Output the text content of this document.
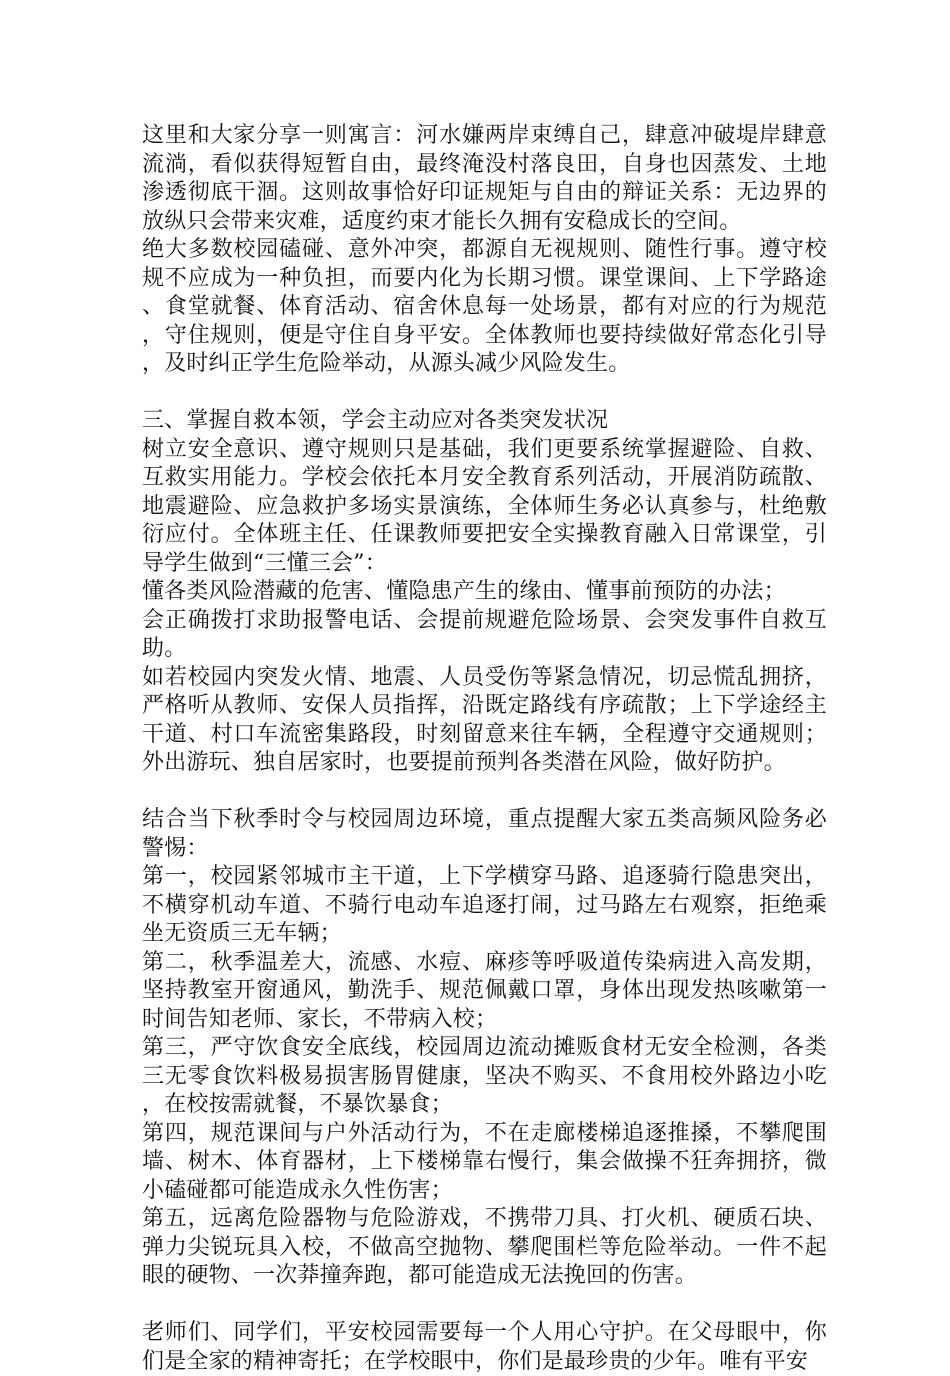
这里和大家分享一则寓言：河水嫌两岸束缚自己，肆意冲破堤岸肆意流淌，看似获得短暂自由，最终淹没村落良田，自身也因蒸发、土地渗透彻底干涸。这则故事恰好印证规矩与自由的辩证关系：无边界的放纵只会带来灾难，适度约束才能长久拥有安稳成长的空间。

绝大多数校园磕碰、意外冲突，都源自无视规则、随性行事。遵守校规不应成为一种负担，而要内化为长期习惯。课堂课间、上下学路途、食堂就餐、体育活动、宿舍休息每一处场景，都有对应的行为规范，守住规则，便是守住自身平安。全体教师也要持续做好常态化引导，及时纠正学生危险举动，从源头减少风险发生。

三、掌握自救本领，学会主动应对各类突发状况

树立安全意识、遵守规则只是基础，我们更要系统掌握避险、自救、互救实用能力。学校会依托本月安全教育系列活动，开展消防疏散、地震避险、应急救护多场实景演练，全体师生务必认真参与，杜绝敷衍应付。全体班主任、任课教师要把安全实操教育融入日常课堂，引导学生做到“三懂三会”：

懂各类风险潜藏的危害、懂隐患产生的缘由、懂事前预防的办法；

会正确拨打求助报警电话、会提前规避危险场景、会突发事件自救互助。

如若校园内突发火情、地震、人员受伤等紧急情况，切忌慌乱拥挤，严格听从教师、安保人员指挥，沿既定路线有序疏散；上下学途经主干道、村口车流密集路段，时刻留意来往车辆，全程遵守交通规则；外出游玩、独自居家时，也要提前预判各类潜在风险，做好防护。

结合当下秋季时令与校园周边环境，重点提醒大家五类高频风险务必警惕：

第一，校园紧邻城市主干道，上下学横穿马路、追逐骑行隐患突出，不横穿机动车道、不骑行电动车追逐打闹，过马路左右观察，拒绝乘坐无资质三无车辆；

第二，秋季温差大，流感、水痘、麻疹等呼吸道传染病进入高发期，坚持教室开窗通风，勤洗手、规范佩戴口罩，身体出现发热咳嗽第一时间告知老师、家长，不带病入校；

第三，严守饮食安全底线，校园周边流动摊贩食材无安全检测，各类三无零食饮料极易损害肠胃健康，坚决不购买、不食用校外路边小吃，在校按需就餐，不暴饮暴食；

第四，规范课间与户外活动行为，不在走廊楼梯追逐推搡，不攀爬围墙、树木、体育器材，上下楼梯靠右慢行，集会做操不狂奔拥挤，微小磕碰都可能造成永久性伤害；

第五，远离危险器物与危险游戏，不携带刀具、打火机、硬质石块、弹力尖锐玩具入校，不做高空抛物、攀爬围栏等危险举动。一件不起眼的硬物、一次莽撞奔跑，都可能造成无法挽回的伤害。

老师们、同学们，平安校园需要每一个人用心守护。在父母眼中，你们是全家的精神寄托；在学校眼中，你们是最珍贵的少年。唯有平安
